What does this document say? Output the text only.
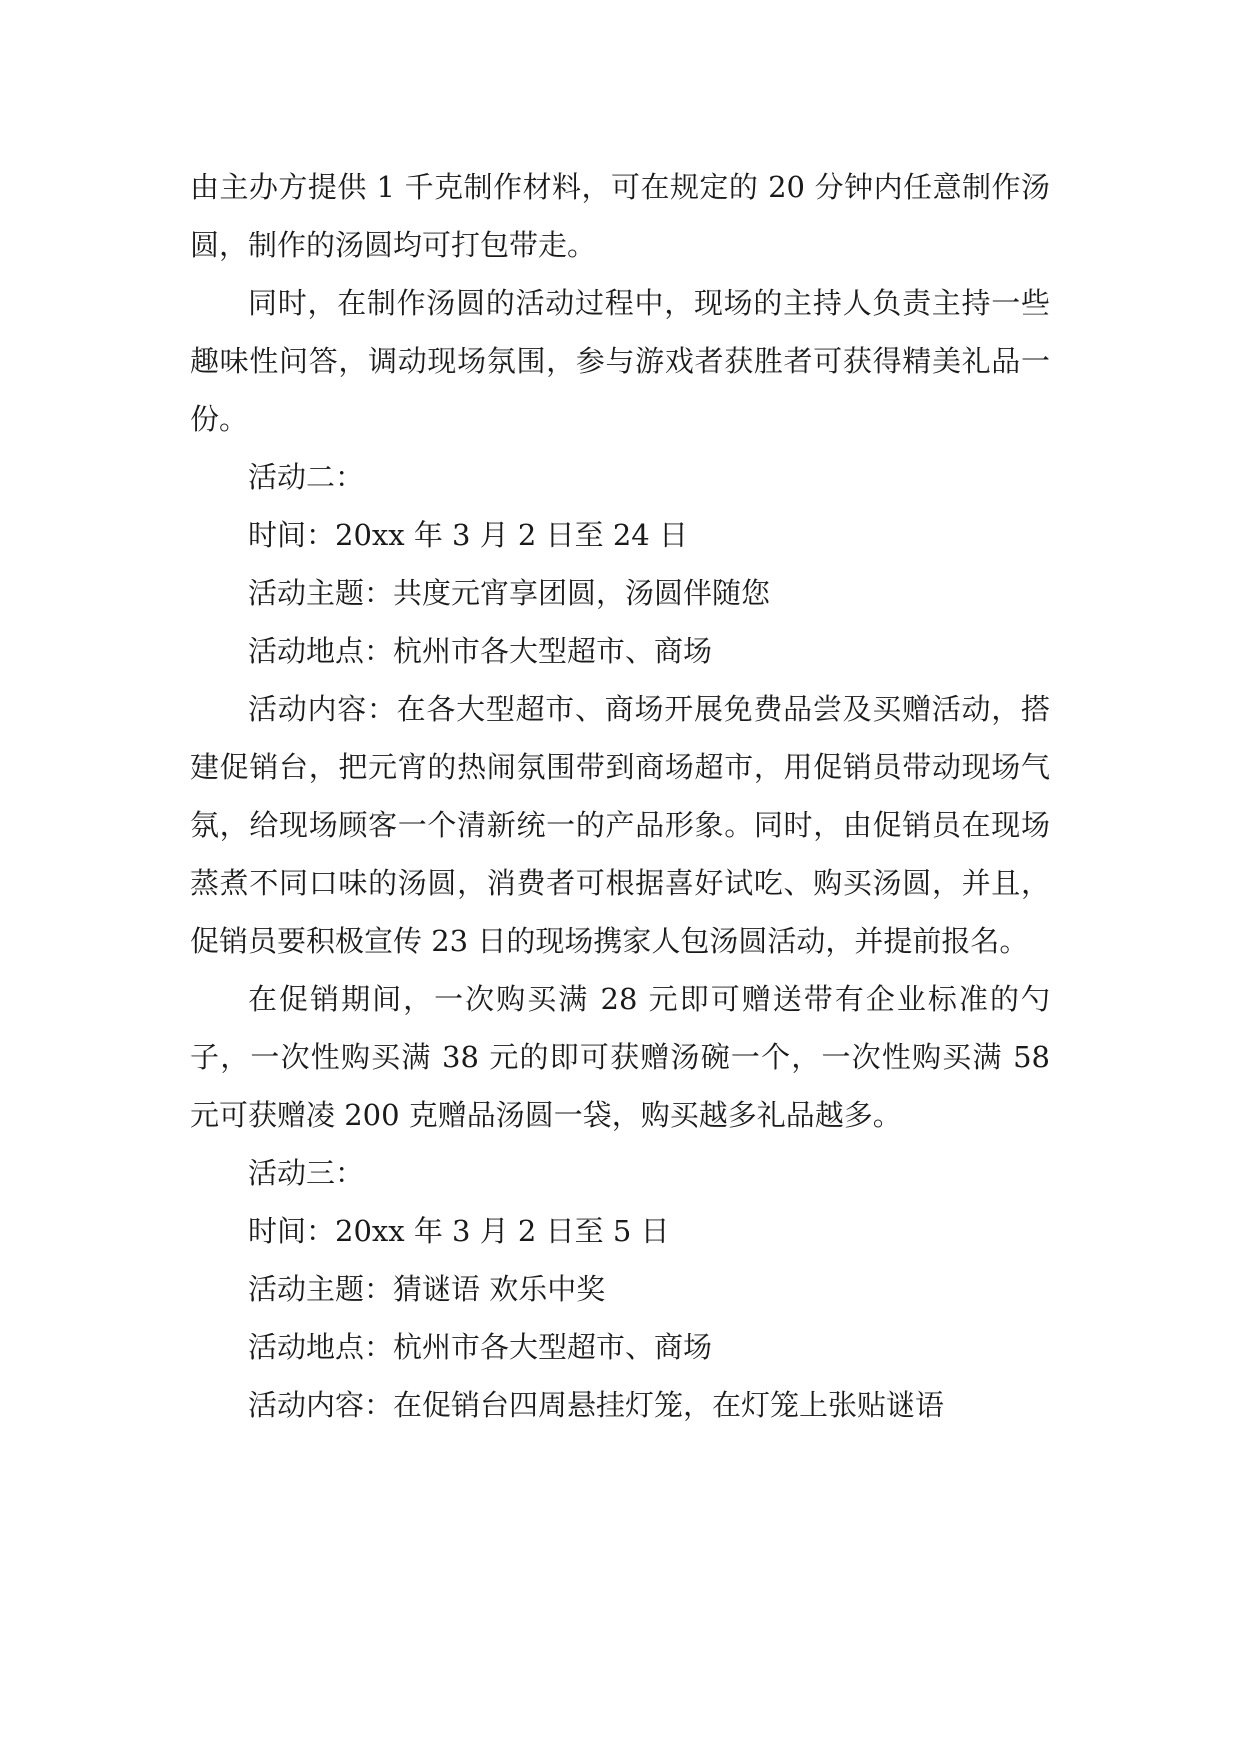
由主办方提供 1 千克制作材料，可在规定的 20 分钟内任意制作汤圆，制作的汤圆均可打包带走。

同时，在制作汤圆的活动过程中，现场的主持人负责主持一些趣味性问答，调动现场氛围，参与游戏者获胜者可获得精美礼品一份。

活动二：

时间：20xx 年 3 月 2 日至 24 日

活动主题：共度元宵享团圆，汤圆伴随您

活动地点：杭州市各大型超市、商场

活动内容：在各大型超市、商场开展免费品尝及买赠活动，搭建促销台，把元宵的热闹氛围带到商场超市，用促销员带动现场气氛，给现场顾客一个清新统一的产品形象。同时，由促销员在现场蒸煮不同口味的汤圆，消费者可根据喜好试吃、购买汤圆，并且，促销员要积极宣传 23 日的现场携家人包汤圆活动，并提前报名。

在促销期间，一次购买满 28 元即可赠送带有企业标准的勺子，一次性购买满 38 元的即可获赠汤碗一个，一次性购买满 58 元可获赠凌 200 克赠品汤圆一袋，购买越多礼品越多。

活动三：

时间：20xx 年 3 月 2 日至 5 日

活动主题：猜谜语 欢乐中奖

活动地点：杭州市各大型超市、商场

活动内容：在促销台四周悬挂灯笼，在灯笼上张贴谜语
